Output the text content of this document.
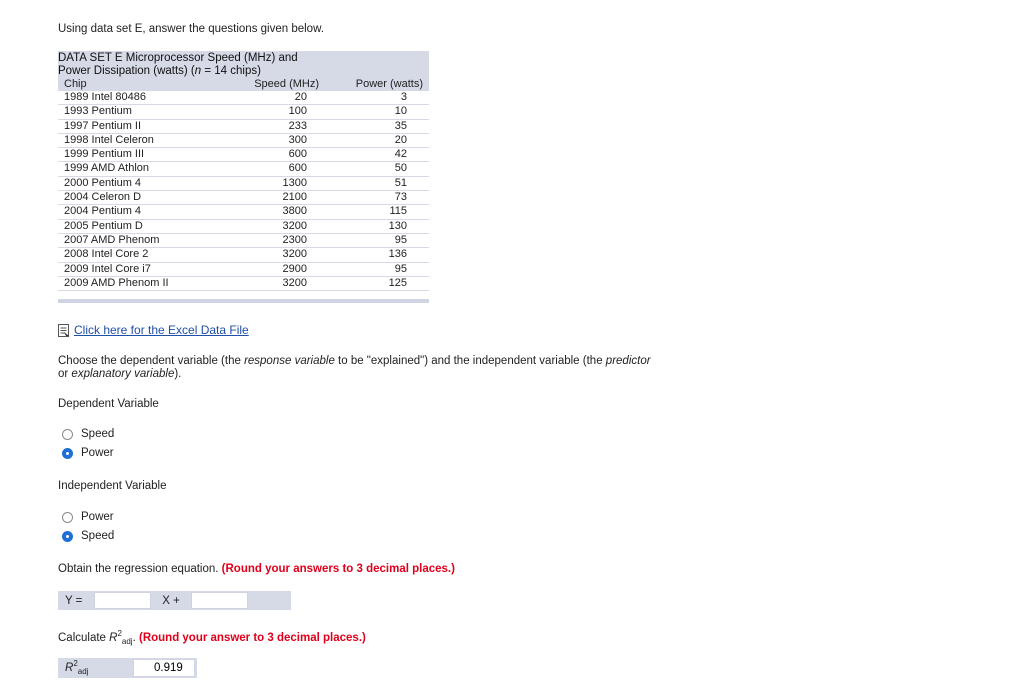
Using data set E, answer the questions given below.
DATA SET E Microprocessor Speed (MHz) and
Power Dissipation (watts) (n = 14 chips)
Chip	Speed (MHz)	Power (watts)
1989 Intel 80486	20	3
1993 Pentium	100	10
1997 Pentium II	233	35
1998 Intel Celeron	300	20
1999 Pentium III	600	42
1999 AMD Athlon	600	50
2000 Pentium 4	1300	51
2004 Celeron D	2100	73
2004 Pentium 4	3800	115
2005 Pentium D	3200	130
2007 AMD Phenom	2300	95
2008 Intel Core 2	3200	136
2009 Intel Core i7	2900	95
2009 AMD Phenom II	3200	125
Click here for the Excel Data File
Choose the dependent variable (the response variable to be "explained") and the independent variable (the predictor or explanatory variable).
Dependent Variable
Speed
Power
Independent Variable
Power
Speed
Obtain the regression equation. (Round your answers to 3 decimal places.)
Y =	X +
Calculate $R^2_{adj}$. (Round your answer to 3 decimal places.)
$R^2_{adj}$
0.919
